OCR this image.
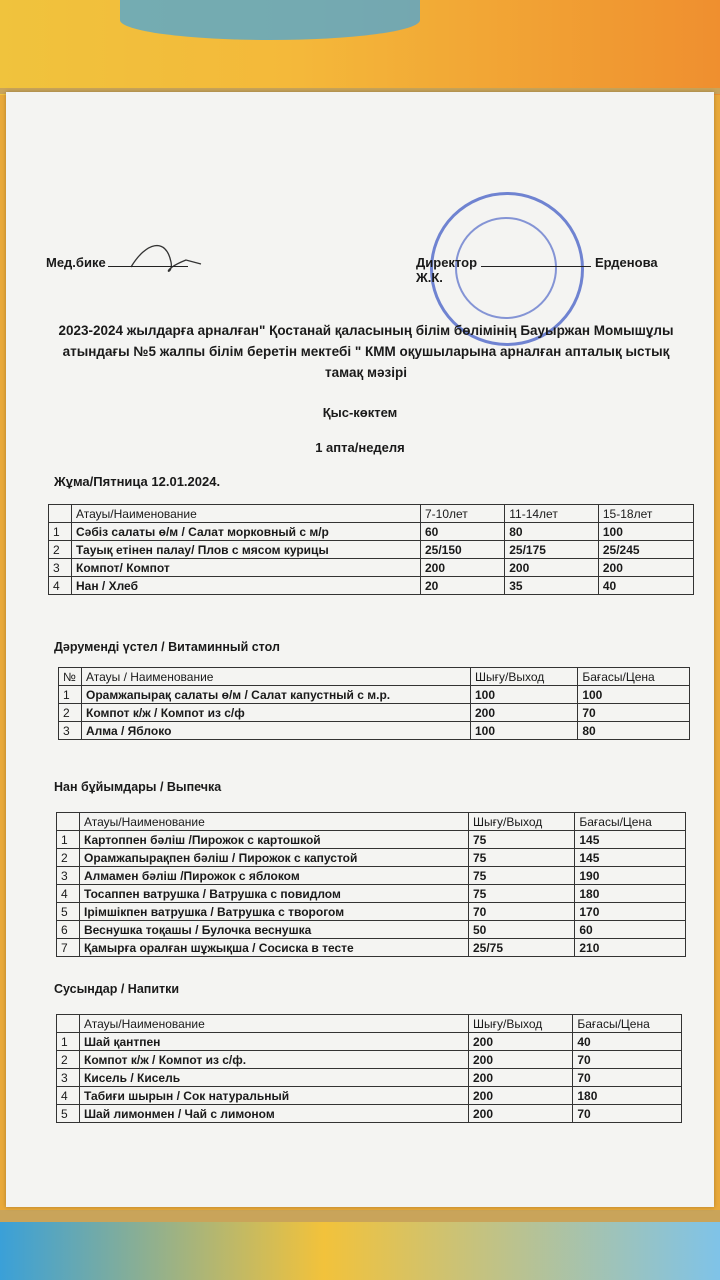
Мед.бике	Директор	Ерденова Ж.К.
2023-2024 жылдарға арналған" Қостанай қаласының білім бөлімінің Бауыржан Момышұлы
атындағы №5 жалпы білім беретін мектебі " КММ оқушыларына арналған апталық ыстық
тамақ мәзірі
Қыс-көктем
1 апта/неделя
Жұма/Пятница 12.01.2024.
	Атауы/Наименование	7-10лет	11-14лет	15-18лет
1	Сәбіз салаты ө/м / Салат морковный с м/р	60	80	100
2	Тауық етінен палау/ Плов с мясом курицы	25/150	25/175	25/245
3	Компот/ Компот	200	200	200
4	Нан / Хлеб	20	35	40
Дәрумендi үстел / Витаминный стол
№	Атауы / Наименование	Шығу/Выход	Бағасы/Цена
1	Орамжапырақ салаты ө/м / Салат капустный с м.р.	100	100
2	Компот к/ж / Компот из с/ф	200	70
3	Алма / Яблоко	100	80
Нан бұйымдары / Выпечка
	Атауы/Наименование	Шығу/Выход	Бағасы/Цена
1	Картоппен бәліш /Пирожок с картошкой	75	145
2	Орамжапырақпен бәліш / Пирожок с капустой	75	145
3	Алмамен бәліш /Пирожок с яблоком	75	190
4	Тосаппен ватрушка / Ватрушка с повидлом	75	180
5	Ірімшікпен ватрушка / Ватрушка с творогом	70	170
6	Веснушка тоқашы / Булочка веснушка	50	60
7	Қамырға оралған шұжықша / Сосиска в тесте	25/75	210
Сусындар / Напитки
	Атауы/Наименование	Шығу/Выход	Бағасы/Цена
1	Шай қантпен	200	40
2	Компот к/ж / Компот из с/ф.	200	70
3	Кисель / Кисель	200	70
4	Табиғи шырын / Сок натуральный	200	180
5	Шай лимонмен / Чай с лимоном	200	70
